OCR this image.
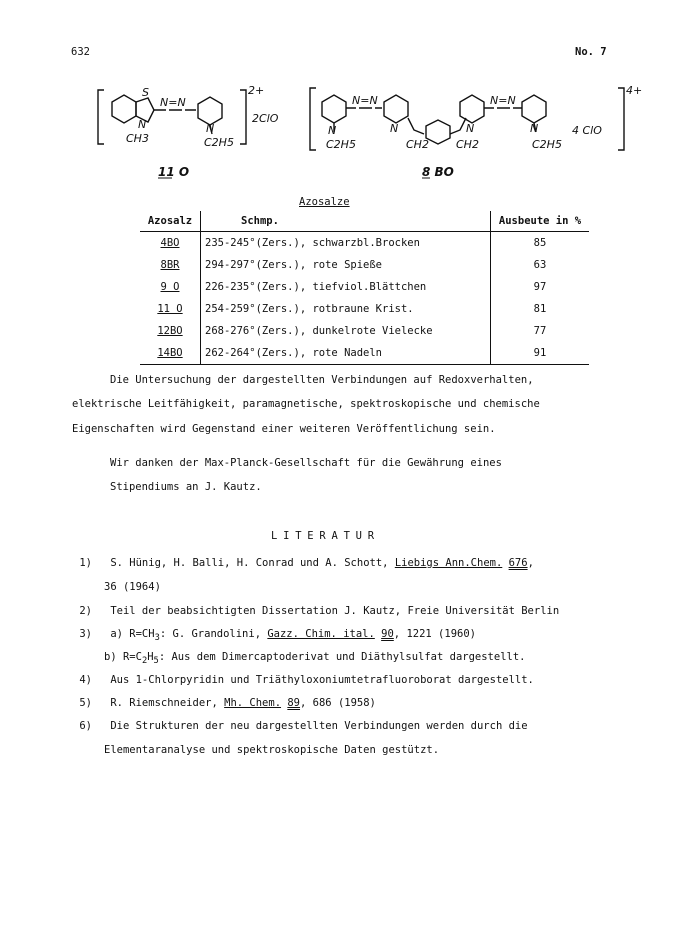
632	No. 7
S
N
N=N
N
CH3	C2H5
2+
2ClO
N
N=N
N
C2H5	CH2 CH2
N
N=N
N
C2H5
4+
4 ClO
11 O	8 BO
Azosalze
Azosalz	Schmp.	Ausbeute in %
4BO	235-245°(Zers.), schwarzbl.Brocken	85
8BR	294-297°(Zers.), rote Spieße	63
9 O	226-235°(Zers.), tiefviol.Blättchen	97
11 O	254-259°(Zers.), rotbraune Krist.	81
12BO	268-276°(Zers.), dunkelrote Vielecke	77
14BO	262-264°(Zers.), rote Nadeln	91
Die Untersuchung der dargestellten Verbindungen auf Redoxverhalten,
elektrische Leitfähigkeit, paramagnetische, spektroskopische und chemische
Eigenschaften wird Gegenstand einer weiteren Veröffentlichung sein.
Wir danken der Max-Planck-Gesellschaft für die Gewährung eines
Stipendiums an J. Kautz.
LITERATUR
1) S. Hünig, H. Balli, H. Conrad und A. Schott, Liebigs Ann.Chem. 676,
36 (1964)
2) Teil der beabsichtigten Dissertation J. Kautz, Freie Universität Berlin
3) a) $R=CH_3$: G. Grandolini, Gazz. Chim. ital. 90, 1221 (1960)
b) $R=C_2H_5$: Aus dem Dimercaptoderivat und Diäthylsulfat dargestellt.
4) Aus 1-Chlorpyridin und Triäthyloxoniumtetrafluoroborat dargestellt.
5) R. Riemschneider, Mh. Chem. 89, 686 (1958)
6) Die Strukturen der neu dargestellten Verbindungen werden durch die
Elementaranalyse und spektroskopische Daten gestützt.
